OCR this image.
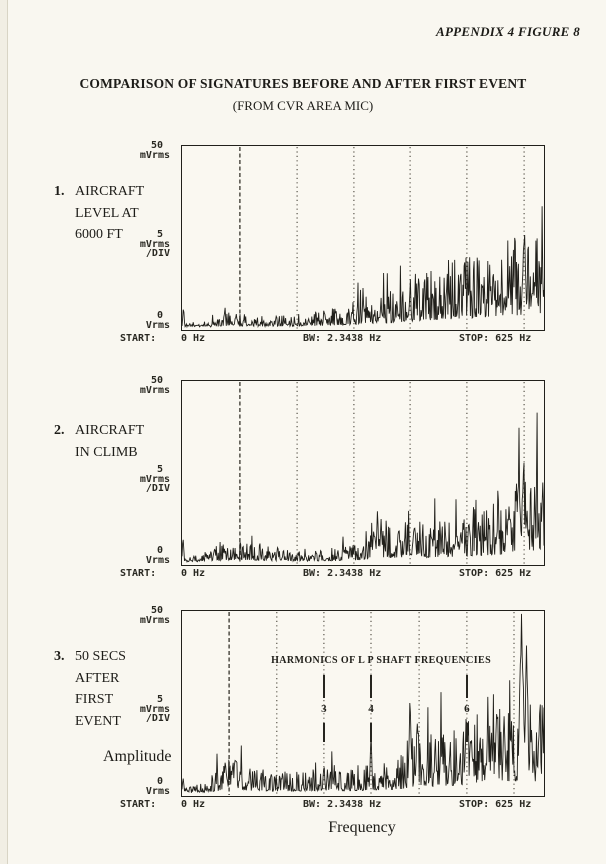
APPENDIX 4 FIGURE 8
COMPARISON OF SIGNATURES BEFORE AND AFTER FIRST EVENT
(FROM CVR AREA MIC)
1. AIRCRAFT
LEVEL AT
6000 FT
50
mVrms
5
mVrms
/DIV
0
Vrms
START: 0 Hz	BW: 2.3438 Hz	STOP: 625 Hz
2. AIRCRAFT
IN CLIMB
50
mVrms
5
mVrms
/DIV
0
Vrms
START: 0 Hz	BW: 2.3438 Hz	STOP: 625 Hz
3. 50 SECS
AFTER
FIRST
EVENT
50
mVrms
5
mVrms
/DIV
0
Vrms
HARMONICS OF L P SHAFT FREQUENCIES
3	4	6
START: 0 Hz	BW: 2.3438 Hz	STOP: 625 Hz
Amplitude
Frequency
